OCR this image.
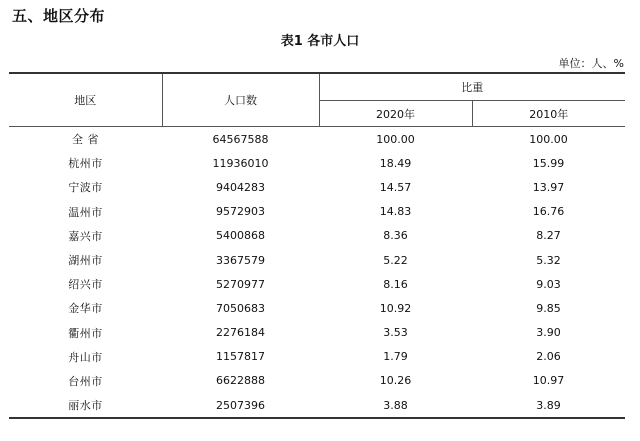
五、地区分布
表1 各市人口
单位：人、%
地区	人口数	比重	
		2020年	2010年
全 省	64567588	100.00	100.00
杭州市	11936010	18.49	15.99
宁波市	9404283	14.57	13.97
温州市	9572903	14.83	16.76
嘉兴市	5400868	8.36	8.27
湖州市	3367579	5.22	5.32
绍兴市	5270977	8.16	9.03
金华市	7050683	10.92	9.85
衢州市	2276184	3.53	3.90
舟山市	1157817	1.79	2.06
台州市	6622888	10.26	10.97
丽水市	2507396	3.88	3.89
